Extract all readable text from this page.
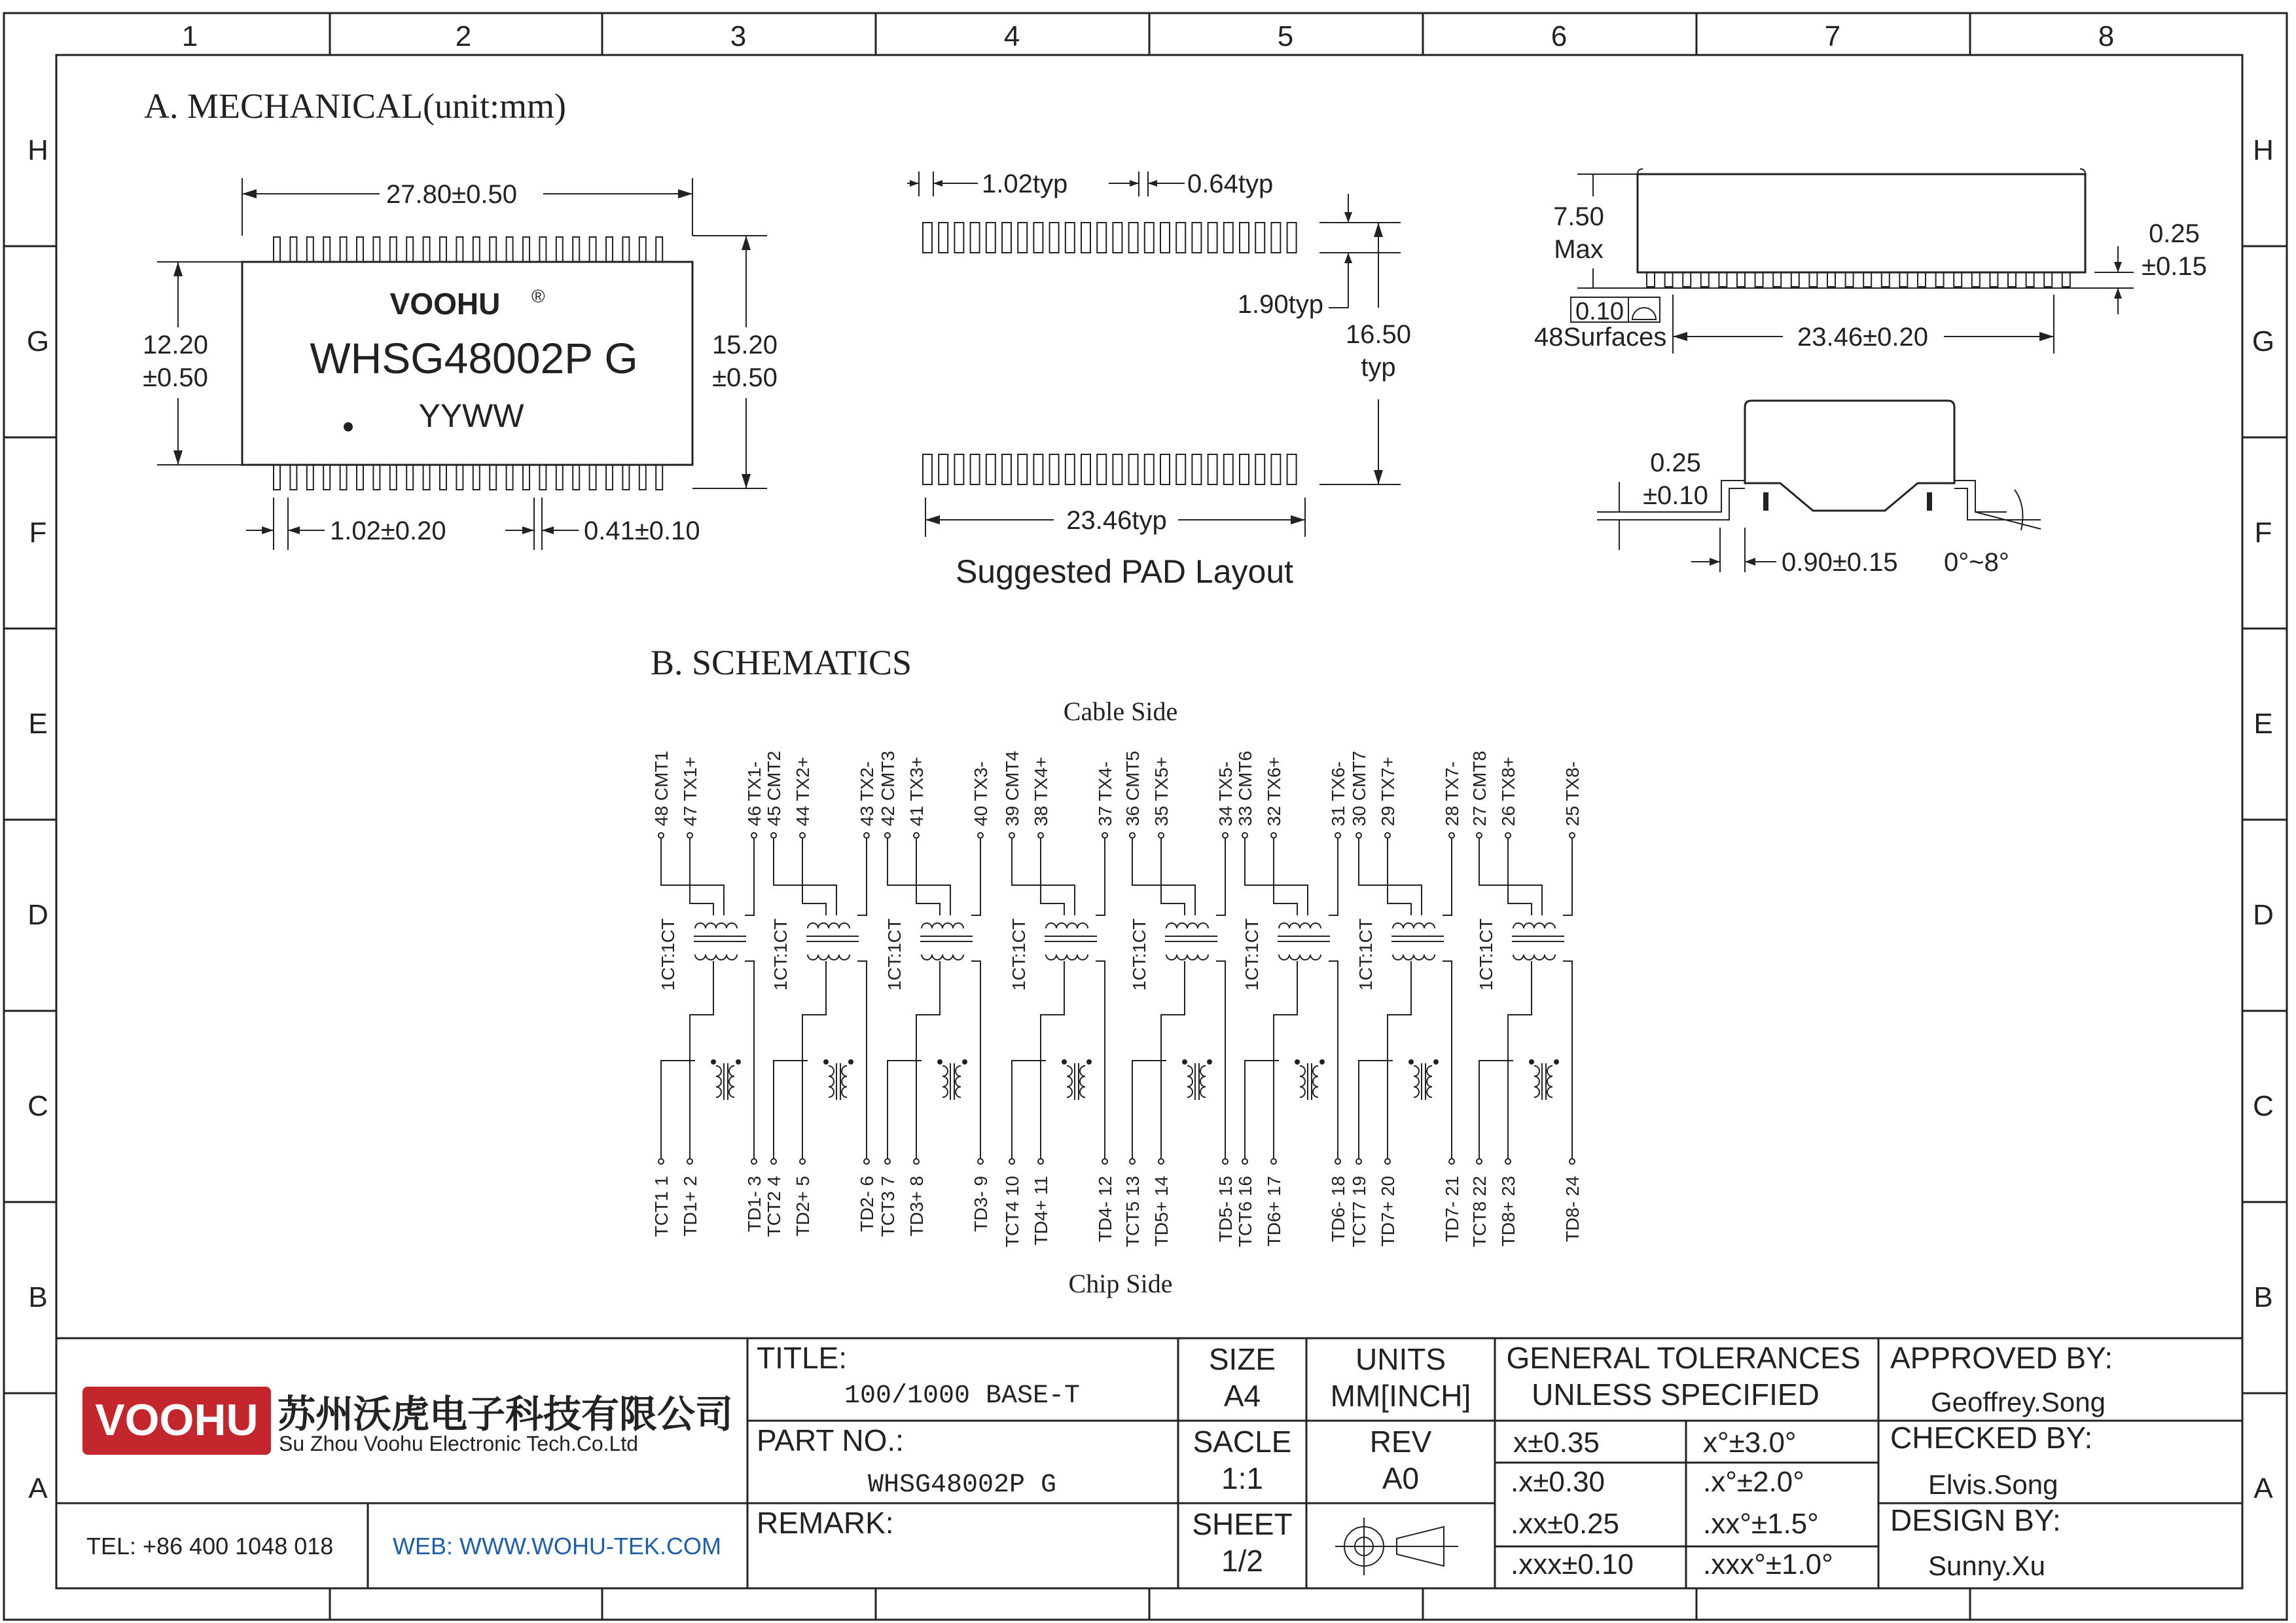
1	2	3	4	5	6	7	8
H
G
F
E
D
C
B
A
H
G
F
E
D
C
B
A
A. MECHANICAL(unit:mm)
VOOHU ®
WHSG48002P G
YYWW
27.80±0.50
12.20
±0.50
15.20
±0.50
1.02±0.20	0.41±0.10
1.02typ	0.64typ
1.90typ
16.50
typ
23.46typ
Suggested PAD Layout
7.50
Max
0.25
±0.15
0.10
48Surfaces	23.46±0.20
0.25
±0.10
0.90±0.15 0°~8°
B. SCHEMATICS
Cable Side
Chip Side
48 CMT1 47 TX1+ 46 TX1-
TCT1 1 TD1+ 2 TD1- 3
1CT:1CT
45 CMT2 44 TX2+ 43 TX2-
TCT2 4 TD2+ 5 TD2- 6
1CT:1CT
42 CMT3 41 TX3+ 40 TX3-
TCT3 7 TD3+ 8 TD3- 9
1CT:1CT
39 CMT4 38 TX4+ 37 TX4-
TCT4 10 TD4+ 11 TD4- 12
1CT:1CT
36 CMT5 35 TX5+ 34 TX5-
TCT5 13 TD5+ 14 TD5- 15
1CT:1CT
33 CMT6 32 TX6+ 31 TX6-
TCT6 16 TD6+ 17 TD6- 18
1CT:1CT
30 CMT7 29 TX7+ 28 TX7-
TCT7 19 TD7+ 20 TD7- 21
1CT:1CT
27 CMT8 26 TX8+ 25 TX8-
TCT8 22 TD8+ 23 TD8- 24
1CT:1CT
VOOHU 苏州沃虎电子科技有限公司
Su Zhou Voohu Electronic Tech.Co.Ltd
TEL: +86 400 1048 018	WEB: WWW.WOHU-TEK.COM
TITLE:
100/1000 BASE-T
PART NO.:
WHSG48002P G
REMARK:
SIZE
A4
SACLE
1:1
SHEET
1/2
UNITS
MM[INCH]
REV
A0
GENERAL TOLERANCES
UNLESS SPECIFIED
x±0.35	x°±3.0°
.x±0.30	.x°±2.0°
.xx±0.25	.xx°±1.5°
.xxx±0.10 .xxx°±1.0°
APPROVED BY:
Geoffrey.Song
CHECKED BY:
Elvis.Song
DESIGN BY:
Sunny.Xu
